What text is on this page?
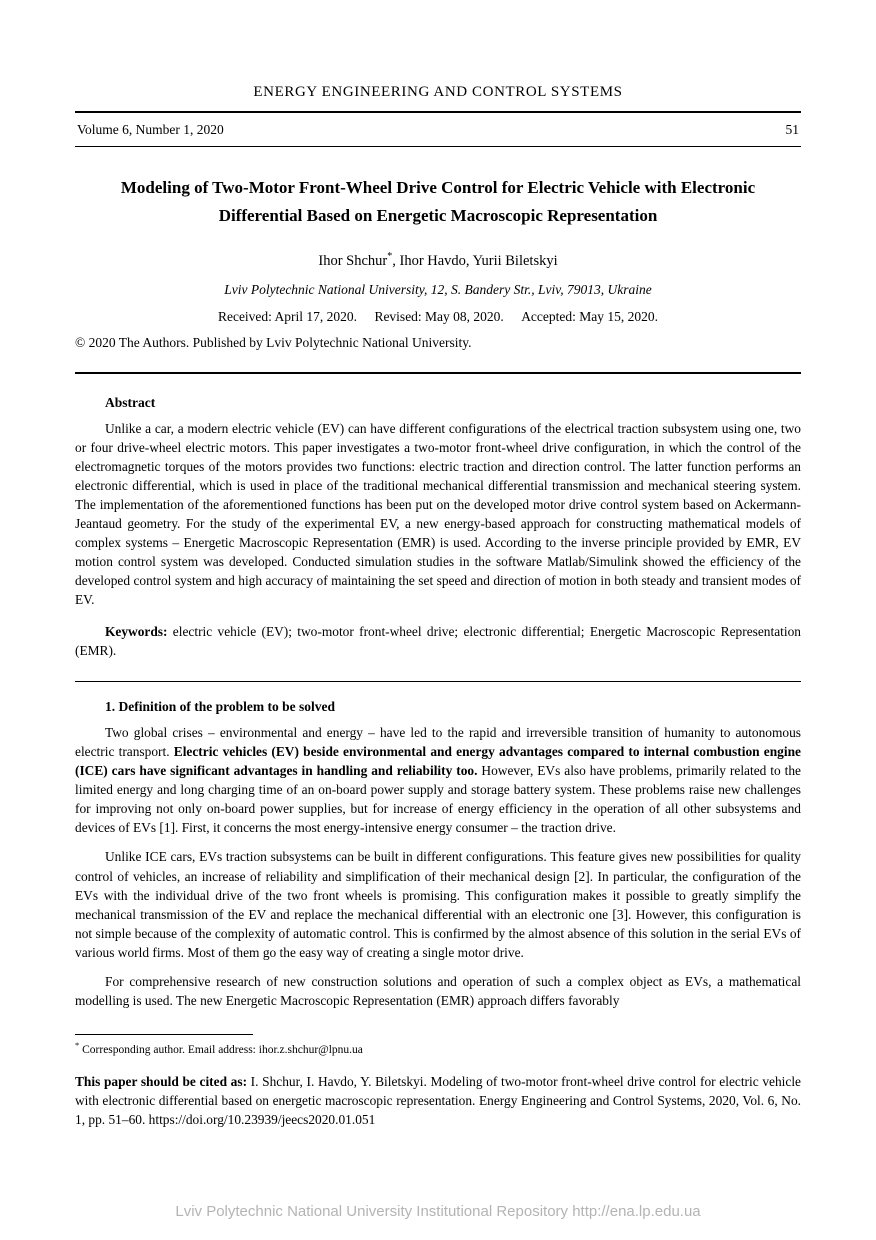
ENERGY ENGINEERING AND CONTROL SYSTEMS
Volume 6, Number 1, 2020	51
Modeling of Two-Motor Front-Wheel Drive Control for Electric Vehicle with Electronic Differential Based on Energetic Macroscopic Representation
Ihor Shchur*, Ihor Havdo, Yurii Biletskyi
Lviv Polytechnic National University, 12, S. Bandery Str., Lviv, 79013, Ukraine
Received: April 17, 2020. Revised: May 08, 2020. Accepted: May 15, 2020.
© 2020 The Authors. Published by Lviv Polytechnic National University.
Abstract

Unlike a car, a modern electric vehicle (EV) can have different configurations of the electrical traction subsystem using one, two or four drive-wheel electric motors. This paper investigates a two-motor front-wheel drive configuration, in which the control of the electromagnetic torques of the motors provides two functions: electric traction and direction control. The latter function performs an electronic differential, which is used in place of the traditional mechanical differential transmission and mechanical steering system. The implementation of the aforementioned functions has been put on the developed motor drive control system based on Ackermann-Jeantaud geometry. For the study of the experimental EV, a new energy-based approach for constructing mathematical models of complex systems – Energetic Macroscopic Representation (EMR) is used. According to the inverse principle provided by EMR, EV motion control system was developed. Conducted simulation studies in the software Matlab/Simulink showed the efficiency of the developed control system and high accuracy of maintaining the set speed and direction of motion in both steady and transient modes of EV.

Keywords: electric vehicle (EV); two-motor front-wheel drive; electronic differential; Energetic Macroscopic Representation (EMR).

1. Definition of the problem to be solved

Two global crises – environmental and energy – have led to the rapid and irreversible transition of humanity to autonomous electric transport. Electric vehicles (EV) beside environmental and energy advantages compared to internal combustion engine (ICE) cars have significant advantages in handling and reliability too. However, EVs also have problems, primarily related to the limited energy and long charging time of an on-board power supply and storage battery system. These problems raise new challenges for improving not only on-board power supplies, but for increase of energy efficiency in the operation of all other subsystems and devices of EVs [1]. First, it concerns the most energy-intensive energy consumer – the traction drive.

Unlike ICE cars, EVs traction subsystems can be built in different configurations. This feature gives new possibilities for quality control of vehicles, an increase of reliability and simplification of their mechanical design [2]. In particular, the configuration of the EVs with the individual drive of the two front wheels is promising. This configuration makes it possible to greatly simplify the mechanical transmission of the EV and replace the mechanical differential with an electronic one [3]. However, this configuration is not simple because of the complexity of automatic control. This is confirmed by the almost absence of this solution in the serial EVs of various world firms. Most of them go the easy way of creating a single motor drive.

For comprehensive research of new construction solutions and operation of such a complex object as EVs, a mathematical modelling is used. The new Energetic Macroscopic Representation (EMR) approach differs favorably

* Corresponding author. Email address: ihor.z.shchur@lpnu.ua

This paper should be cited as: I. Shchur, I. Havdo, Y. Biletskyi. Modeling of two-motor front-wheel drive control for electric vehicle with electronic differential based on energetic macroscopic representation. Energy Engineering and Control Systems, 2020, Vol. 6, No. 1, pp. 51–60. https://doi.org/10.23939/jeecs2020.01.051

Lviv Polytechnic National University Institutional Repository http://ena.lp.edu.ua
